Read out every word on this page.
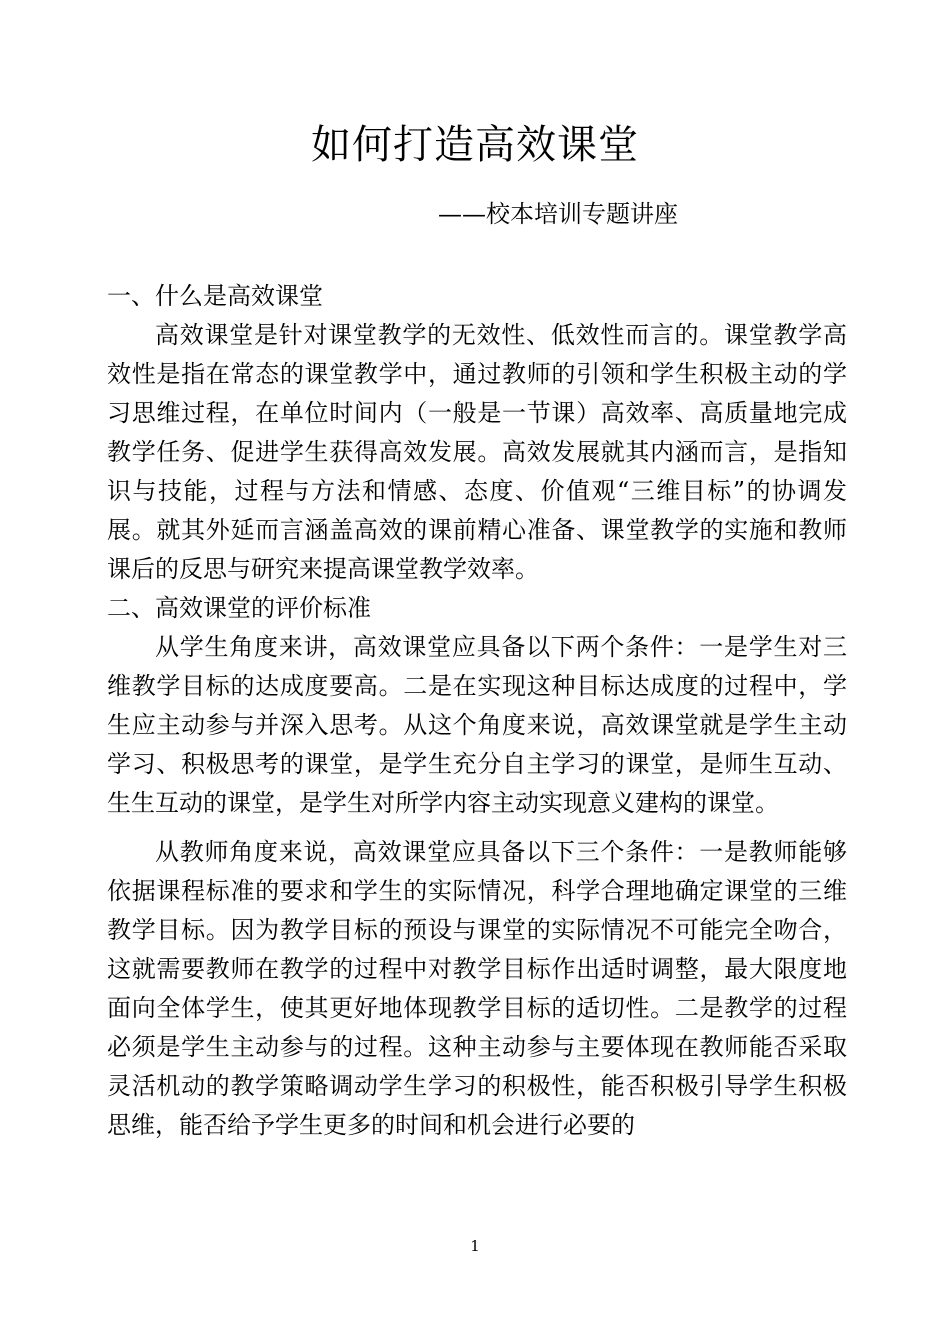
如何打造高效课堂

——校本培训专题讲座

一、什么是高效课堂

高效课堂是针对课堂教学的无效性、低效性而言的。课堂教学高效性是指在常态的课堂教学中，通过教师的引领和学生积极主动的学习思维过程，在单位时间内（一般是一节课）高效率、高质量地完成教学任务、促进学生获得高效发展。高效发展就其内涵而言，是指知识与技能，过程与方法和情感、态度、价值观“三维目标”的协调发展。就其外延而言涵盖高效的课前精心准备、课堂教学的实施和教师课后的反思与研究来提高课堂教学效率。

二、高效课堂的评价标准

从学生角度来讲，高效课堂应具备以下两个条件：一是学生对三维教学目标的达成度要高。二是在实现这种目标达成度的过程中，学生应主动参与并深入思考。从这个角度来说，高效课堂就是学生主动学习、积极思考的课堂，是学生充分自主学习的课堂，是师生互动、生生互动的课堂，是学生对所学内容主动实现意义建构的课堂。

从教师角度来说，高效课堂应具备以下三个条件：一是教师能够依据课程标准的要求和学生的实际情况，科学合理地确定课堂的三维教学目标。因为教学目标的预设与课堂的实际情况不可能完全吻合，这就需要教师在教学的过程中对教学目标作出适时调整，最大限度地面向全体学生，使其更好地体现教学目标的适切性。二是教学的过程必须是学生主动参与的过程。这种主动参与主要体现在教师能否采取灵活机动的教学策略调动学生学习的积极性，能否积极引导学生积极思维，能否给予学生更多的时间和机会进行必要的

1
